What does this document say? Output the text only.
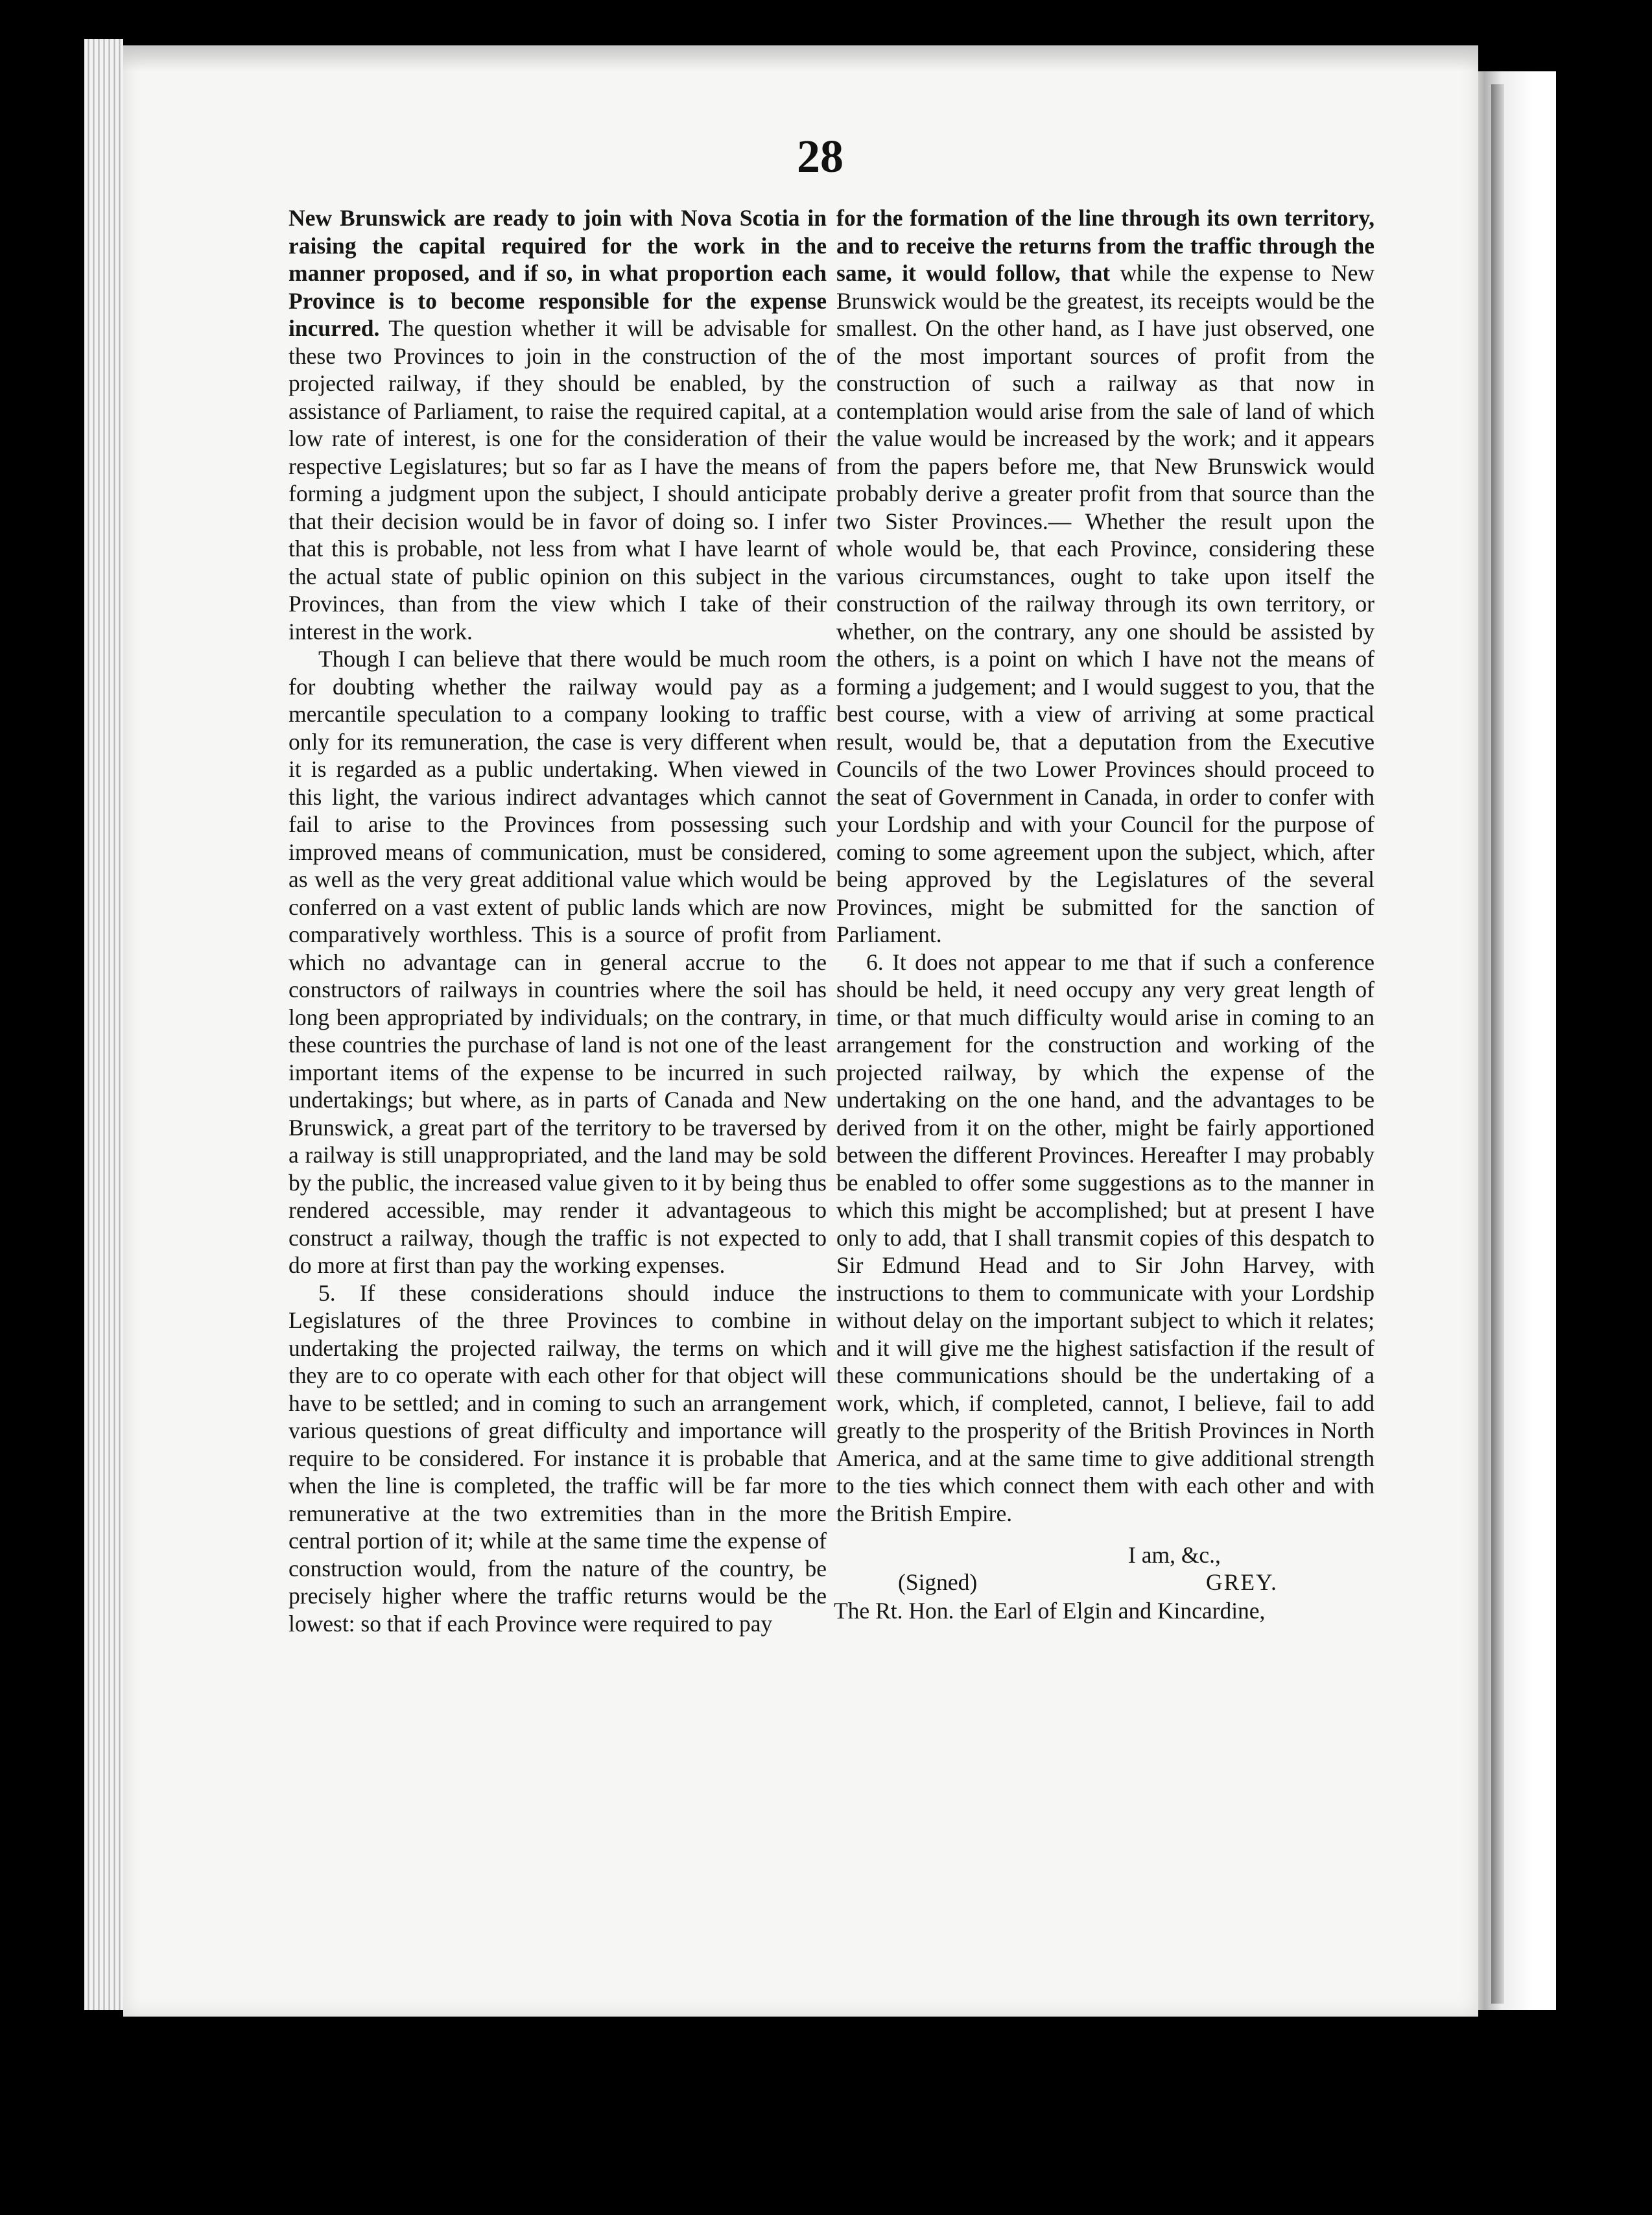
28

New Brunswick are ready to join with Nova Scotia in raising the capital required for the work in the manner proposed, and if so, in what proportion each Province is to become responsible for the expense incurred. The question whether it will be advisable for these two Provinces to join in the construction of the projected railway, if they should be enabled, by the assistance of Parliament, to raise the required capital, at a low rate of interest, is one for the consideration of their respective Legislatures; but so far as I have the means of forming a judgment upon the subject, I should anticipate that their decision would be in favor of doing so. I infer that this is probable, not less from what I have learnt of the actual state of public opinion on this subject in the Provinces, than from the view which I take of their interest in the work.

Though I can believe that there would be much room for doubting whether the railway would pay as a mercantile speculation to a company looking to traffic only for its remuneration, the case is very different when it is regarded as a public undertaking. When viewed in this light, the various indirect advantages which cannot fail to arise to the Provinces from possessing such improved means of communication, must be considered, as well as the very great additional value which would be conferred on a vast extent of public lands which are now comparatively worthless. This is a source of profit from which no advantage can in general accrue to the constructors of railways in countries where the soil has long been appropriated by individuals; on the contrary, in these countries the purchase of land is not one of the least important items of the expense to be incurred in such undertakings; but where, as in parts of Canada and New Brunswick, a great part of the territory to be traversed by a railway is still unappropriated, and the land may be sold by the public, the increased value given to it by being thus rendered accessible, may render it advantageous to construct a railway, though the traffic is not expected to do more at first than pay the working expenses.

5. If these considerations should induce the Legislatures of the three Provinces to combine in undertaking the projected railway, the terms on which they are to co operate with each other for that object will have to be settled; and in coming to such an arrangement various questions of great difficulty and importance will require to be considered. For instance it is probable that when the line is completed, the traffic will be far more remunerative at the two extremities than in the more central portion of it; while at the same time the expense of construction would, from the nature of the country, be precisely higher where the traffic returns would be the lowest: so that if each Province were required to pay

for the formation of the line through its own territory, and to receive the returns from the traffic through the same, it would follow, that while the expense to New Brunswick would be the greatest, its receipts would be the smallest. On the other hand, as I have just observed, one of the most important sources of profit from the construction of such a railway as that now in contemplation would arise from the sale of land of which the value would be increased by the work; and it appears from the papers before me, that New Brunswick would probably derive a greater profit from that source than the two Sister Provinces.— Whether the result upon the whole would be, that each Province, considering these various circumstances, ought to take upon itself the construction of the railway through its own territory, or whether, on the contrary, any one should be assisted by the others, is a point on which I have not the means of forming a judgement; and I would suggest to you, that the best course, with a view of arriving at some practical result, would be, that a deputation from the Executive Councils of the two Lower Provinces should proceed to the seat of Government in Canada, in order to confer with your Lordship and with your Council for the purpose of coming to some agreement upon the subject, which, after being approved by the Legislatures of the several Provinces, might be submitted for the sanction of Parliament.

6. It does not appear to me that if such a conference should be held, it need occupy any very great length of time, or that much difficulty would arise in coming to an arrangement for the construction and working of the projected railway, by which the expense of the undertaking on the one hand, and the advantages to be derived from it on the other, might be fairly apportioned between the different Provinces. Hereafter I may probably be enabled to offer some suggestions as to the manner in which this might be accomplished; but at present I have only to add, that I shall transmit copies of this despatch to Sir Edmund Head and to Sir John Harvey, with instructions to them to communicate with your Lordship without delay on the important subject to which it relates; and it will give me the highest satisfaction if the result of these communications should be the undertaking of a work, which, if completed, cannot, I believe, fail to add greatly to the prosperity of the British Provinces in North America, and at the same time to give additional strength to the ties which connect them with each other and with the British Empire.

I am, &c.,
(Signed)	GREY.
The Rt. Hon. the Earl of Elgin and Kincardine,
